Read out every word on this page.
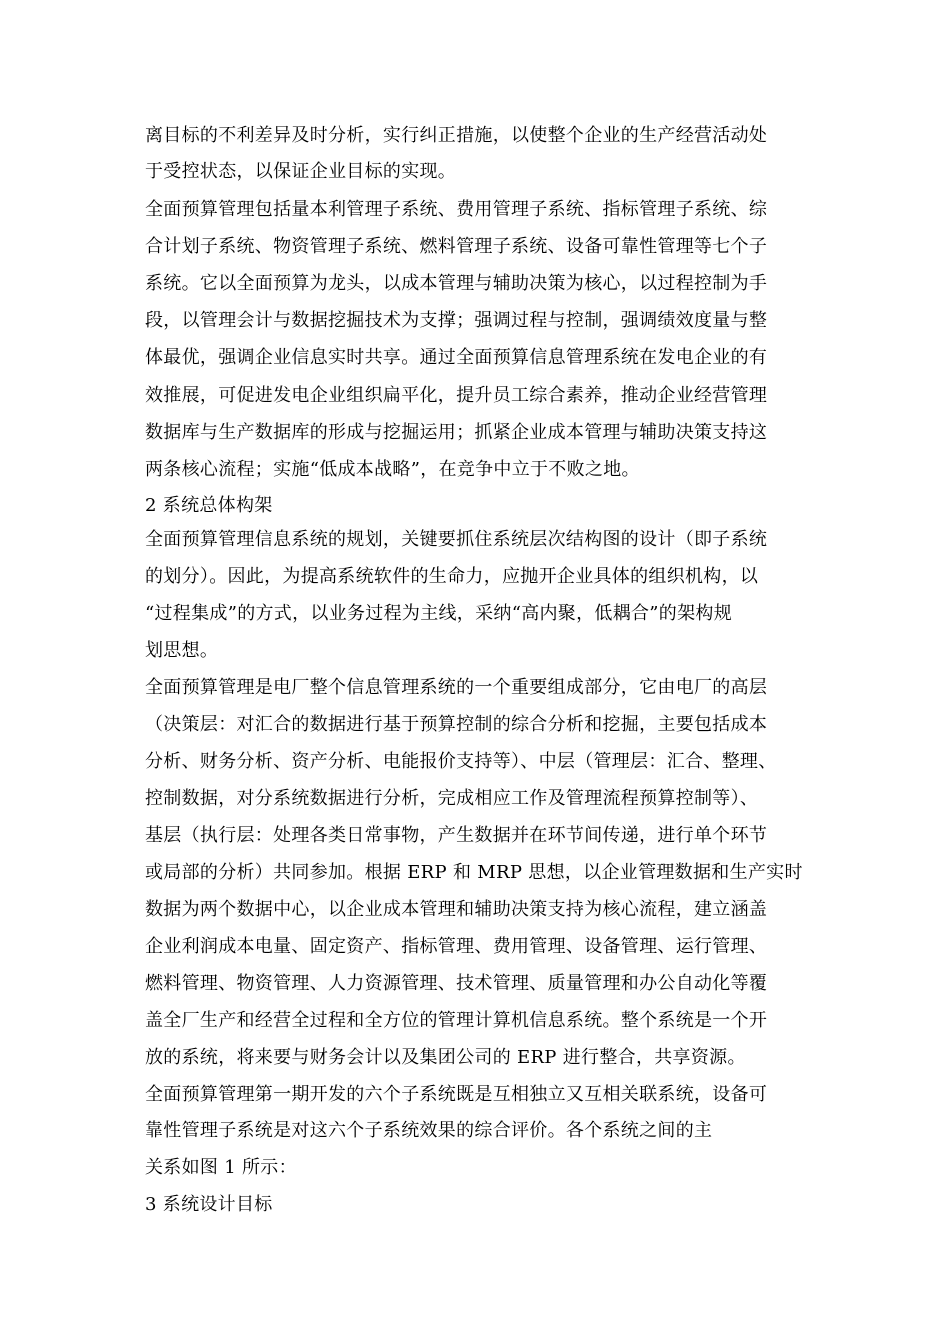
离目标的不利差异及时分析，实行纠正措施，以使整个企业的生产经营活动处
于受控状态，以保证企业目标的实现。
全面预算管理包括量本利管理子系统、费用管理子系统、指标管理子系统、综
合计划子系统、物资管理子系统、燃料管理子系统、设备可靠性管理等七个子
系统。它以全面预算为龙头，以成本管理与辅助决策为核心，以过程控制为手
段，以管理会计与数据挖掘技术为支撑；强调过程与控制，强调绩效度量与整
体最优，强调企业信息实时共享。通过全面预算信息管理系统在发电企业的有
效推展，可促进发电企业组织扁平化，提升员工综合素养，推动企业经营管理
数据库与生产数据库的形成与挖掘运用；抓紧企业成本管理与辅助决策支持这
两条核心流程；实施“低成本战略”，在竞争中立于不败之地。
2 系统总体构架
全面预算管理信息系统的规划，关键要抓住系统层次结构图的设计（即子系统
的划分）。因此，为提高系统软件的生命力，应抛开企业具体的组织机构，以
“过程集成”的方式，以业务过程为主线，采纳“高内聚，低耦合”的架构规
划思想。
全面预算管理是电厂整个信息管理系统的一个重要组成部分，它由电厂的高层
（决策层：对汇合的数据进行基于预算控制的综合分析和挖掘，主要包括成本
分析、财务分析、资产分析、电能报价支持等）、中层（管理层：汇合、整理、
控制数据，对分系统数据进行分析，完成相应工作及管理流程预算控制等）、
基层（执行层：处理各类日常事物，产生数据并在环节间传递，进行单个环节
或局部的分析）共同参加。根据 ERP 和 MRP 思想，以企业管理数据和生产实时
数据为两个数据中心，以企业成本管理和辅助决策支持为核心流程，建立涵盖
企业利润成本电量、固定资产、指标管理、费用管理、设备管理、运行管理、
燃料管理、物资管理、人力资源管理、技术管理、质量管理和办公自动化等覆
盖全厂生产和经营全过程和全方位的管理计算机信息系统。整个系统是一个开
放的系统，将来要与财务会计以及集团公司的 ERP 进行整合，共享资源。
全面预算管理第一期开发的六个子系统既是互相独立又互相关联系统，设备可
靠性管理子系统是对这六个子系统效果的综合评价。各个系统之间的主
关系如图 1 所示：
3 系统设计目标
